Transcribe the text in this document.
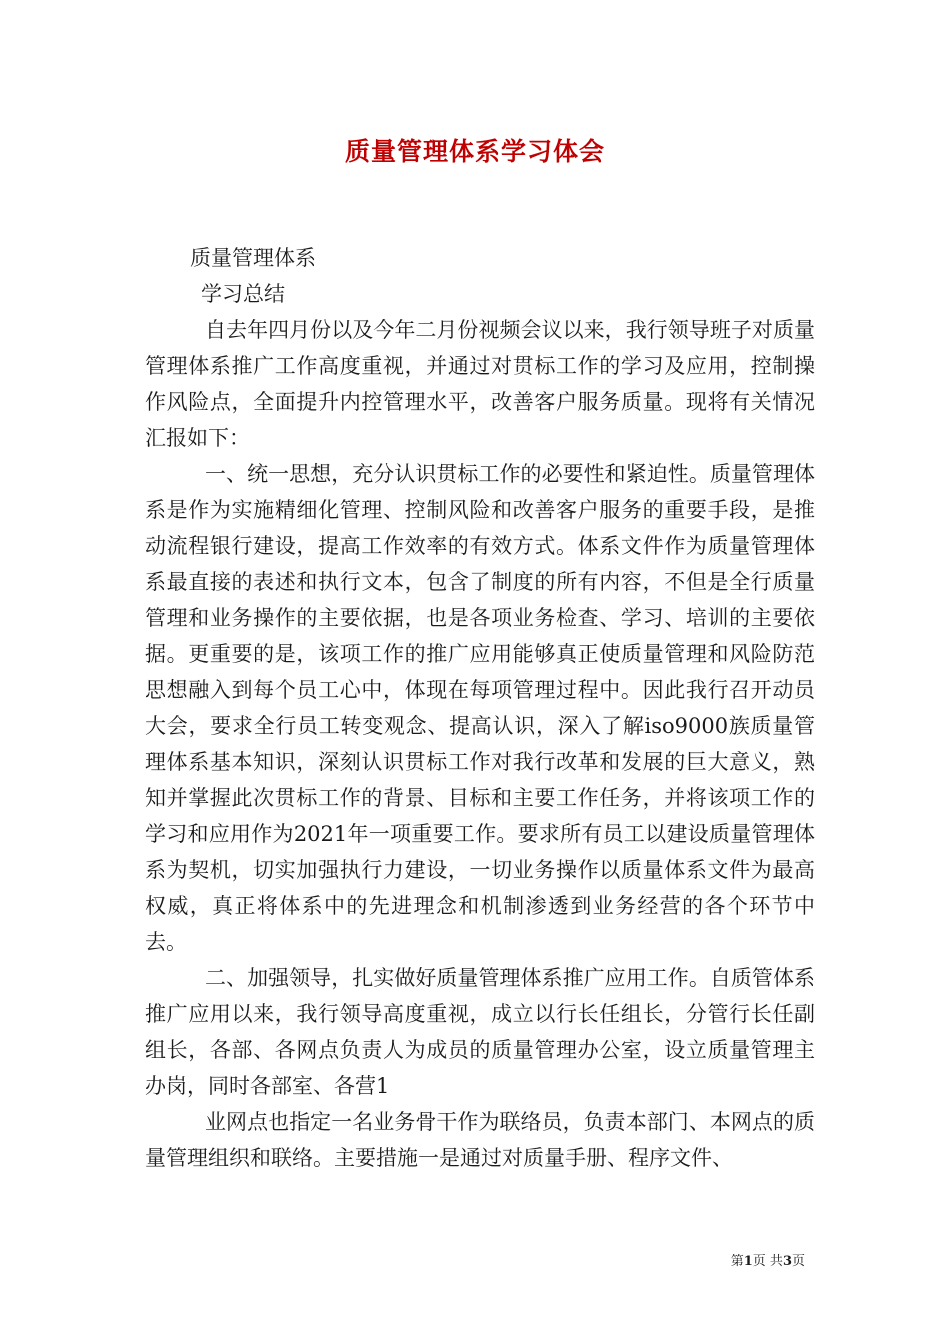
质量管理体系学习体会

质量管理体系

学习总结

自去年四月份以及今年二月份视频会议以来，我行领导班子对质量管理体系推广工作高度重视，并通过对贯标工作的学习及应用，控制操作风险点，全面提升内控管理水平，改善客户服务质量。现将有关情况汇报如下：

一、统一思想，充分认识贯标工作的必要性和紧迫性。质量管理体系是作为实施精细化管理、控制风险和改善客户服务的重要手段，是推动流程银行建设，提高工作效率的有效方式。体系文件作为质量管理体系最直接的表述和执行文本，包含了制度的所有内容，不但是全行质量管理和业务操作的主要依据，也是各项业务检查、学习、培训的主要依据。更重要的是，该项工作的推广应用能够真正使质量管理和风险防范思想融入到每个员工心中，体现在每项管理过程中。因此我行召开动员大会，要求全行员工转变观念、提高认识，深入了解iso9000族质量管理体系基本知识，深刻认识贯标工作对我行改革和发展的巨大意义，熟知并掌握此次贯标工作的背景、目标和主要工作任务，并将该项工作的学习和应用作为2021年一项重要工作。要求所有员工以建设质量管理体系为契机，切实加强执行力建设，一切业务操作以质量体系文件为最高权威，真正将体系中的先进理念和机制渗透到业务经营的各个环节中去。

二、加强领导，扎实做好质量管理体系推广应用工作。自质管体系推广应用以来，我行领导高度重视，成立以行长任组长，分管行长任副组长，各部、各网点负责人为成员的质量管理办公室，设立质量管理主办岗，同时各部室、各营1

业网点也指定一名业务骨干作为联络员，负责本部门、本网点的质量管理组织和联络。主要措施一是通过对质量手册、程序文件、

第1页 共3页
